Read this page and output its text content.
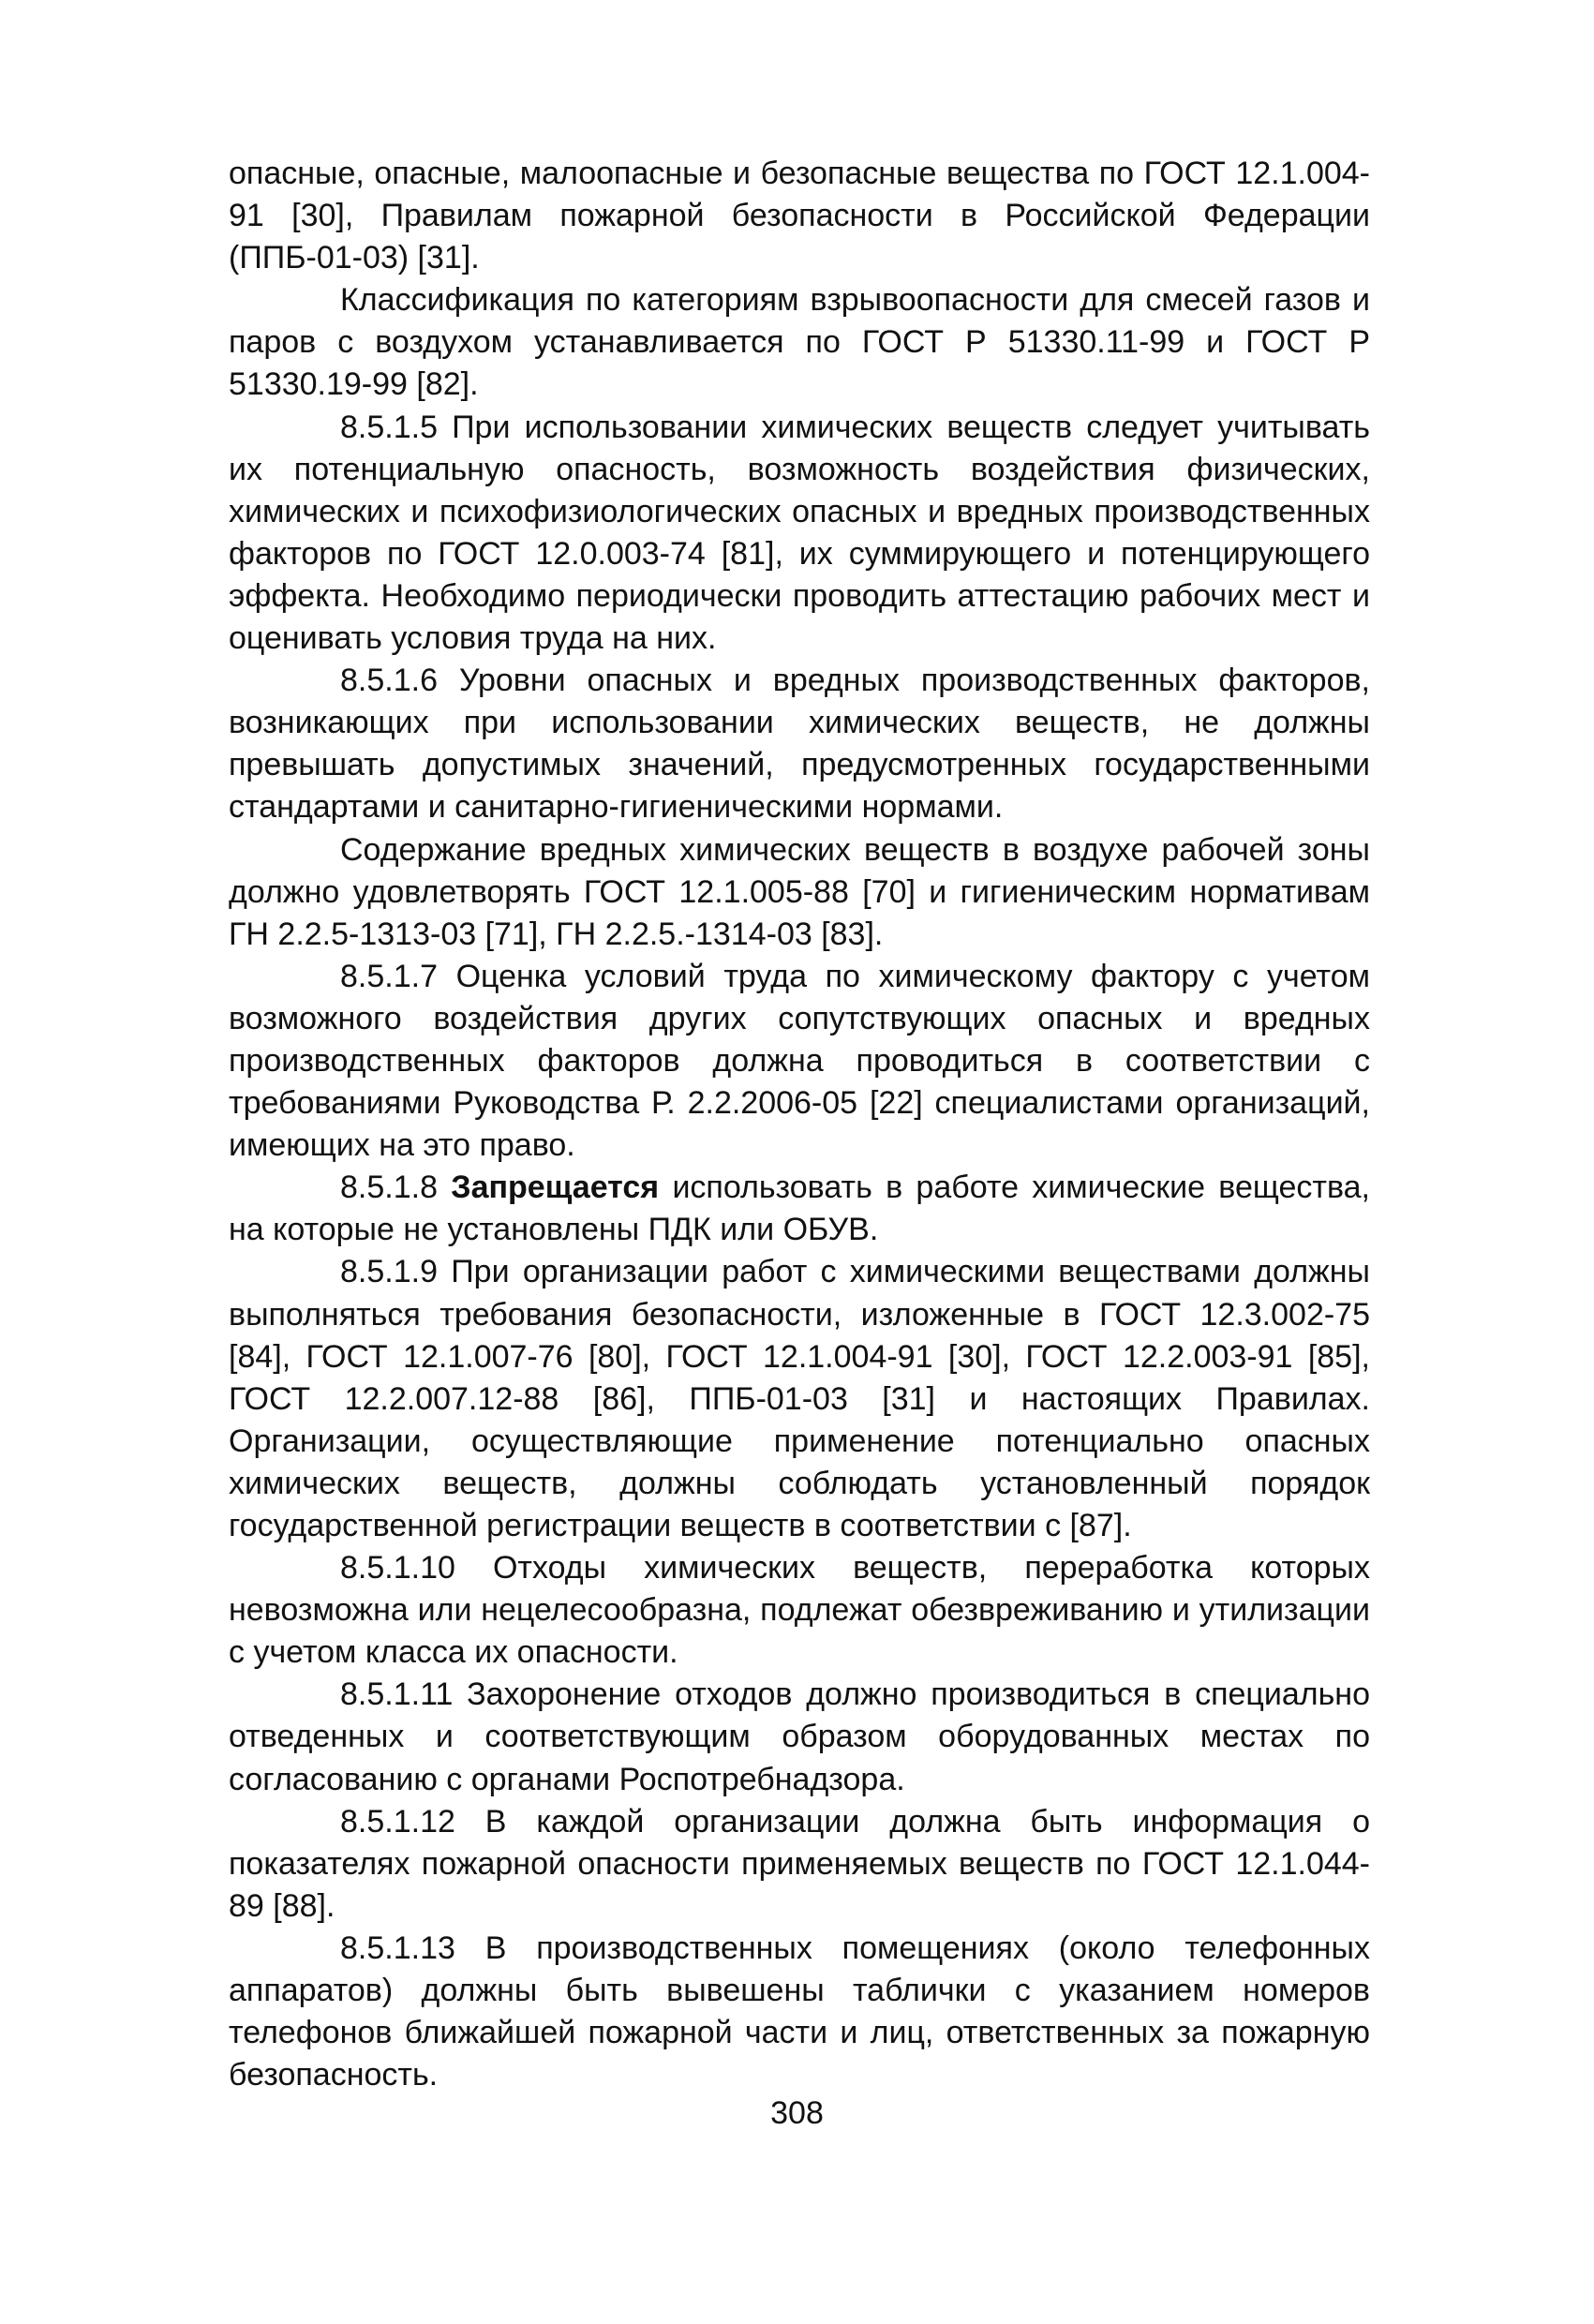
опасные, опасные, малоопасные и безопасные вещества по ГОСТ 12.1.004-91 [30], Правилам пожарной безопасности в Российской Федерации (ППБ-01-03) [31].

Классификация по категориям взрывоопасности для смесей газов и паров с воздухом устанавливается по ГОСТ Р 51330.11-99 и ГОСТ Р 51330.19-99 [82].

8.5.1.5 При использовании химических веществ следует учитывать их потенциальную опасность, возможность воздействия физических, химических и психофизиологических опасных и вредных производственных факторов по ГОСТ 12.0.003-74 [81], их суммирующего и потенцирующего эффекта. Необходимо периодически проводить аттестацию рабочих мест и оценивать условия труда на них.

8.5.1.6 Уровни опасных и вредных производственных факторов, возникающих при использовании химических веществ, не должны превышать допустимых значений, предусмотренных государственными стандартами и санитарно-гигиеническими нормами.

Содержание вредных химических веществ в воздухе рабочей зоны должно удовлетворять ГОСТ 12.1.005-88 [70] и гигиеническим нормативам ГН 2.2.5-1313-03 [71], ГН 2.2.5.-1314-03 [83].

8.5.1.7 Оценка условий труда по химическому фактору с учетом возможного воздействия других сопутствующих опасных и вредных производственных факторов должна проводиться в соответствии с требованиями Руководства Р. 2.2.2006-05 [22] специалистами организаций, имеющих на это право.

8.5.1.8 Запрещается использовать в работе химические вещества, на которые не установлены ПДК или ОБУВ.

8.5.1.9 При организации работ с химическими веществами должны выполняться требования безопасности, изложенные в ГОСТ 12.3.002-75 [84], ГОСТ 12.1.007-76 [80], ГОСТ 12.1.004-91 [30], ГОСТ 12.2.003-91 [85], ГОСТ 12.2.007.12-88 [86], ППБ-01-03 [31] и настоящих Правилах. Организации, осуществляющие применение потенциально опасных химических веществ, должны соблюдать установленный порядок государственной регистрации веществ в соответствии с [87].

8.5.1.10 Отходы химических веществ, переработка которых невозможна или нецелесообразна, подлежат обезвреживанию и утилизации с учетом класса их опасности.

8.5.1.11 Захоронение отходов должно производиться в специально отведенных и соответствующим образом оборудованных местах по согласованию с органами Роспотребнадзора.

8.5.1.12 В каждой организации должна быть информация о показателях пожарной опасности применяемых веществ по ГОСТ 12.1.044-89 [88].

8.5.1.13 В производственных помещениях (около телефонных аппаратов) должны быть вывешены таблички с указанием номеров телефонов ближайшей пожарной части и лиц, ответственных за пожарную безопасность.

308
